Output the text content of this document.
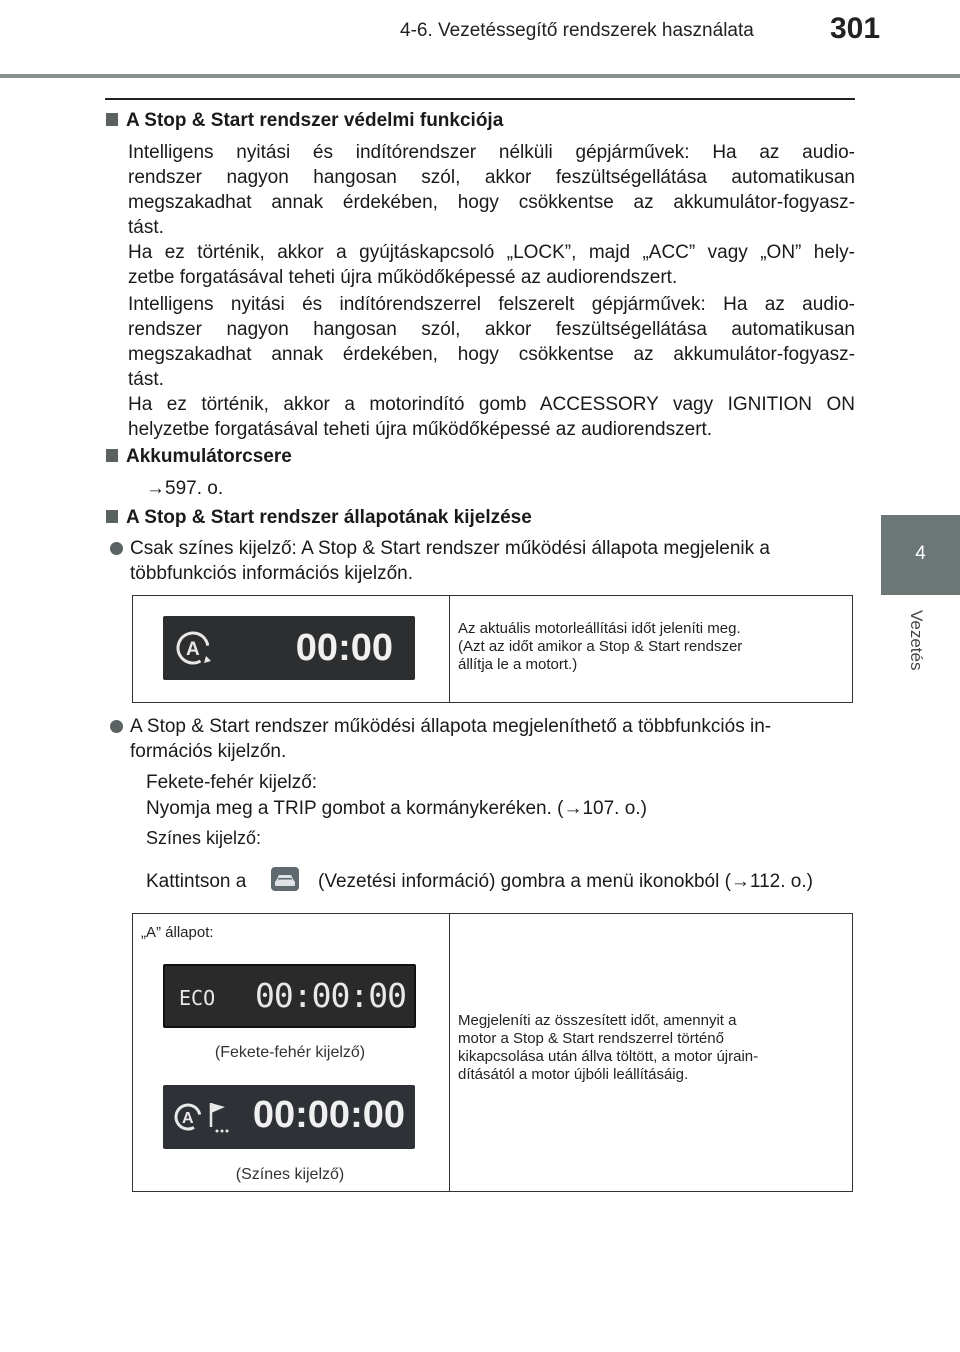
4-6. Vezetéssegítő rendszerek használata	301
4
Vezetés
A Stop & Start rendszer védelmi funkciója
Intelligens nyitási és indítórendszer nélküli gépjárművek: Ha az audio-
rendszer nagyon hangosan szól, akkor feszültségellátása automatikusan
megszakadhat annak érdekében, hogy csökkentse az akkumulátor-fogyasz-
tást.
Ha ez történik, akkor a gyújtáskapcsoló „LOCK”, majd „ACC” vagy „ON” hely-
zetbe forgatásával teheti újra működőképessé az audiorendszert.
Intelligens nyitási és indítórendszerrel felszerelt gépjárművek: Ha az audio-
rendszer nagyon hangosan szól, akkor feszültségellátása automatikusan
megszakadhat annak érdekében, hogy csökkentse az akkumulátor-fogyasz-
tást.
Ha ez történik, akkor a motorindító gomb ACCESSORY vagy IGNITION ON
helyzetbe forgatásával teheti újra működőképessé az audiorendszert.
Akkumulátorcsere
→597. o.
A Stop & Start rendszer állapotának kijelzése
Csak színes kijelző: A Stop & Start rendszer működési állapota megjelenik a
többfunkciós információs kijelzőn.
A	00:00	Az aktuális motorleállítási időt jeleníti meg.
(Azt az időt amikor a Stop & Start rendszer
állítja le a motort.)
A Stop & Start rendszer működési állapota megjeleníthető a többfunkciós in-
formációs kijelzőn.
Fekete-fehér kijelző:
Nyomja meg a TRIP gombot a kormánykeréken. (→107. o.)
Színes kijelző:
Kattintson a	(Vezetési információ) gombra a menü ikonokból (→112. o.)
„A” állapot:
ECO 00:00:00
(Fekete-fehér kijelző)
A 00:00:00
(Színes kijelző)

Megjeleníti az összesített időt, amennyit a
motor a Stop & Start rendszerrel történő
kikapcsolása után állva töltött, a motor újrain-
dításától a motor újbóli leállításáig.
